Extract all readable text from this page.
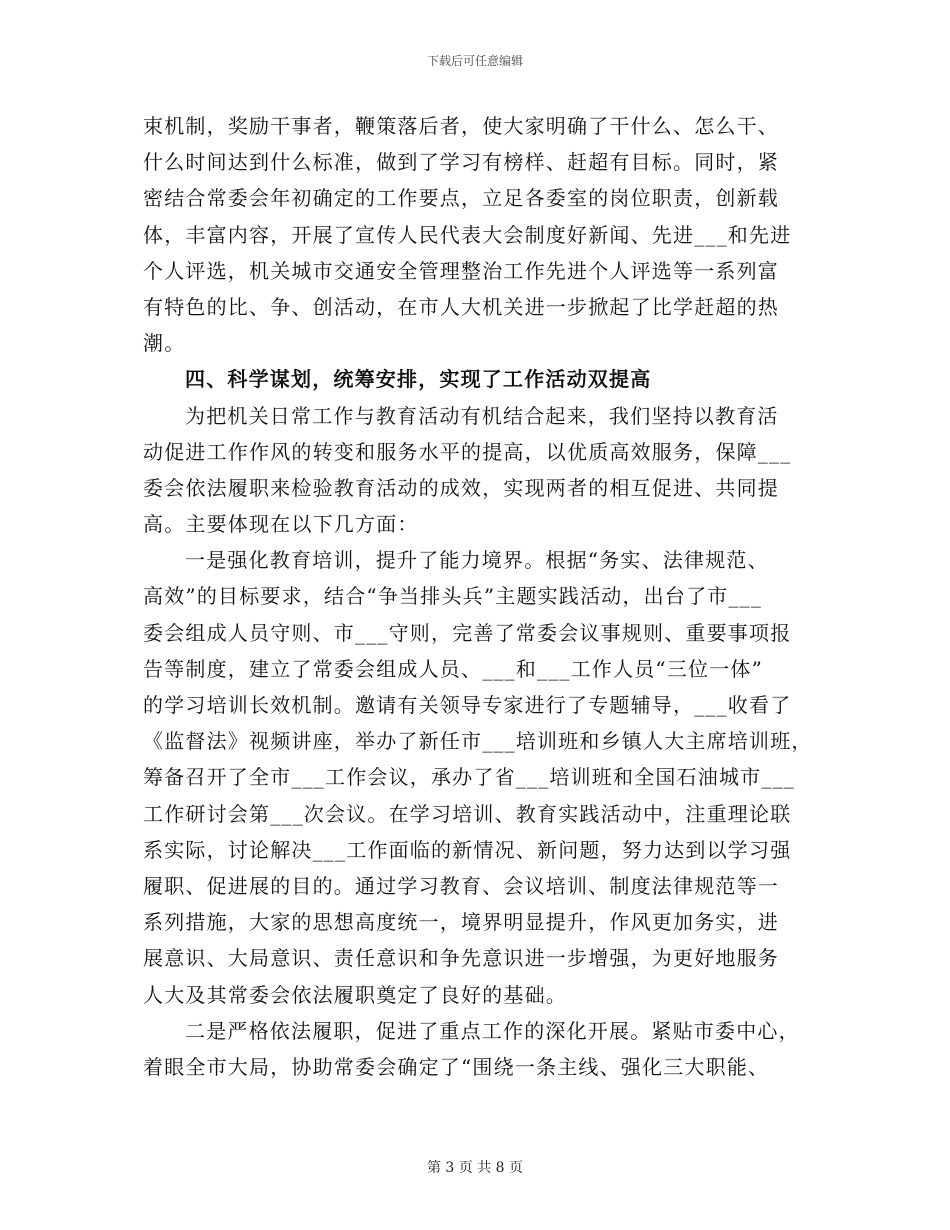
下载后可任意编辑
束机制，奖励干事者，鞭策落后者，使大家明确了干什么、怎么干、
什么时间达到什么标准，做到了学习有榜样、赶超有目标。同时，紧
密结合常委会年初确定的工作要点，立足各委室的岗位职责，创新载
体，丰富内容，开展了宣传人民代表大会制度好新闻、先进___和先进
个人评选，机关城市交通安全管理整治工作先进个人评选等一系列富
有特色的比、争、创活动，在市人大机关进一步掀起了比学赶超的热
潮。
四、科学谋划，统筹安排，实现了工作活动双提高
为把机关日常工作与教育活动有机结合起来，我们坚持以教育活
动促进工作作风的转变和服务水平的提高，以优质高效服务，保障___
委会依法履职来检验教育活动的成效，实现两者的相互促进、共同提
高。主要体现在以下几方面：
一是强化教育培训，提升了能力境界。根据“务实、法律规范、
高效”的目标要求，结合“争当排头兵”主题实践活动，出台了市___
委会组成人员守则、市___守则，完善了常委会议事规则、重要事项报
告等制度，建立了常委会组成人员、___和___工作人员“三位一体”
的学习培训长效机制。邀请有关领导专家进行了专题辅导，___收看了
《监督法》视频讲座，举办了新任市___培训班和乡镇人大主席培训班，
筹备召开了全市___工作会议，承办了省___培训班和全国石油城市___
工作研讨会第___次会议。在学习培训、教育实践活动中，注重理论联
系实际，讨论解决___工作面临的新情况、新问题，努力达到以学习强
履职、促进展的目的。通过学习教育、会议培训、制度法律规范等一
系列措施，大家的思想高度统一，境界明显提升，作风更加务实，进
展意识、大局意识、责任意识和争先意识进一步增强，为更好地服务
人大及其常委会依法履职奠定了良好的基础。
二是严格依法履职，促进了重点工作的深化开展。紧贴市委中心，
着眼全市大局，协助常委会确定了“围绕一条主线、强化三大职能、
第 3 页 共 8 页
